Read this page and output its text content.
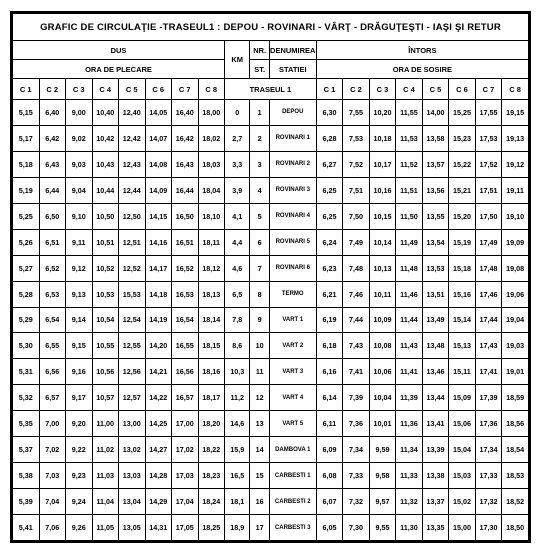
GRAFIC DE CIRCULAŢIE -TRASEUL1 : DEPOU - ROVINARI - VÂRŢ - DRĂGUŢEŞTI - IAŞI ŞI RETUR																		
DUS								KM	NR.	DENUMIREA	ÎNTORS							
ORA DE PLECARE									ST.	STATIEI	ORA DE SOSIRE							
C 1	C 2	C 3	C 4	C 5	C 6	C 7	C 8	TRASEUL 1			C 1	C 2	C 3	C 4	C 5	C 6	C 7	C 8
5,15	6,40	9,00	10,40	12,40	14,05	16,40	18,00	0	1	DEPOU	6,30	7,55	10,20	11,55	14,00	15,25	17,55	19,15
5,17	6,42	9,02	10,42	12,42	14,07	16,42	18,02	2,7	2	ROVINARI 1	6,28	7,53	10,18	11,53	13,58	15,23	17,53	19,13
5,18	6,43	9,03	10,43	12,43	14,08	16,43	18,03	3,3	3	ROVINARI 2	6,27	7,52	10,17	11,52	13,57	15,22	17,52	19,12
5,19	6,44	9,04	10,44	12,44	14,09	16,44	18,04	3,9	4	ROVINARI 3	6,25	7,51	10,16	11,51	13,56	15,21	17,51	19,11
5,25	6,50	9,10	10,50	12,50	14,15	16,50	18,10	4,1	5	ROVINARI 4	6,25	7,50	10,15	11,50	13,55	15,20	17,50	19,10
5,26	6,51	9,11	10,51	12,51	14,16	16,51	18,11	4,4	6	ROVINARI 5	6,24	7,49	10,14	11,49	13,54	15,19	17,49	19,09
5,27	6,52	9,12	10,52	12,52	14,17	16,52	18,12	4,6	7	ROVINARI 6	6,23	7,48	10,13	11,48	13,53	15,18	17,48	19,08
5,28	6,53	9,13	10,53	15,53	14,18	16,53	18,13	6,5	8	TERMO	6,21	7,46	10,11	11,46	13,51	15,16	17,46	19,06
5,29	6,54	9,14	10,54	12,54	14,19	16,54	18,14	7,8	9	VART 1	6,19	7,44	10,09	11,44	13,49	15,14	17,44	19,04
5,30	6,55	9,15	10,55	12,55	14,20	16,55	18,15	8,6	10	VART 2	6,18	7,43	10,08	11,43	13,48	15,13	17,43	19,03
5,31	6,56	9,16	10,56	12,56	14,21	16,56	18,16	10,3	11	VART 3	6,16	7,41	10,06	11,41	13,46	15,11	17,41	19,01
5,32	6,57	9,17	10,57	12,57	14,22	16,57	18,17	11,2	12	VART 4	6,14	7,39	10,04	11,39	13,44	15,09	17,39	18,59
5,35	7,00	9,20	11,00	13,00	14,25	17,00	18,20	14,6	13	VART 5	6,11	7,36	10,01	11,36	13,41	15,06	17,36	18,56
5,37	7,02	9,22	11,02	13,02	14,27	17,02	18,22	15,9	14	DAMBOVA 1	6,09	7,34	9,59	11,34	13,39	15,04	17,34	18,54
5,38	7,03	9,23	11,03	13,03	14,28	17,03	18,23	16,5	15	CARBESTI 1	6,08	7,33	9,58	11,33	13,38	15,03	17,33	18,53
5,39	7,04	9,24	11,04	13,04	14,29	17,04	18,24	18,1	16	CARBESTI 2	6,07	7,32	9,57	11,32	13,37	15,02	17,32	18,52
5,41	7,06	9,26	11,05	13,05	14,31	17,05	18,25	18,9	17	CARBESTI 3	6,05	7,30	9,55	11,30	13,35	15,00	17,30	18,50
